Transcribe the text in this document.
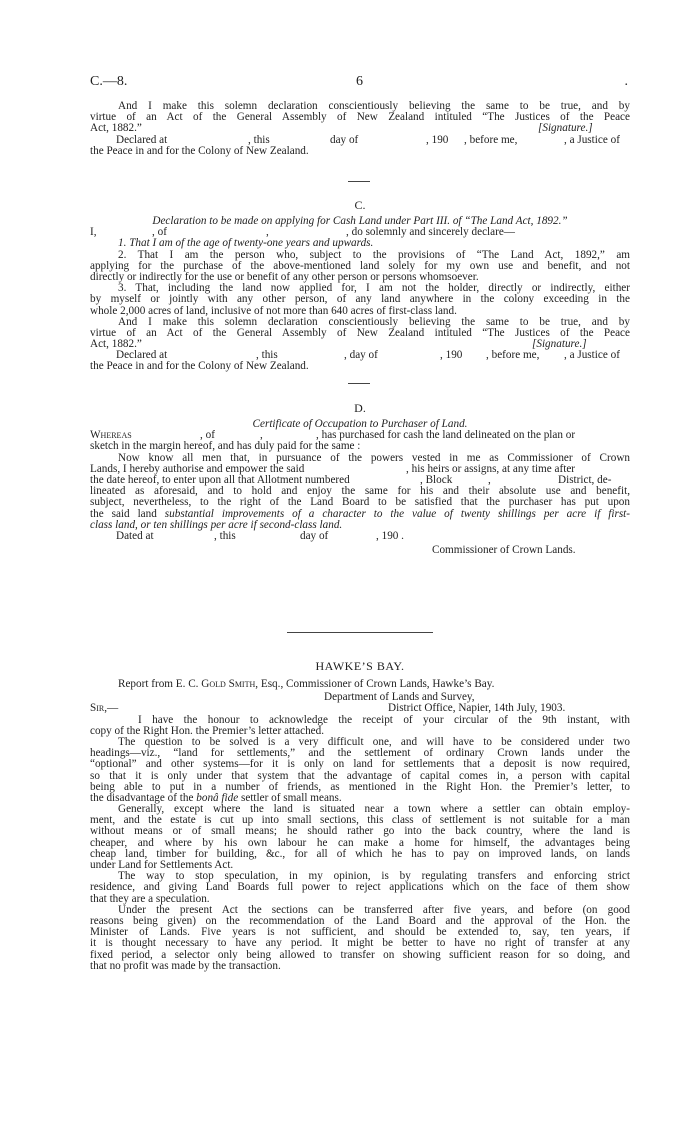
C.—8.	6	.
And I make this solemn declaration conscientiously believing the same to be true, and by
virtue of an Act of the General Assembly of New Zealand intituled “The Justices of the Peace
Act, 1882.”	[Signature.]
Declared at	, this	day of	, 190 , before me,	, a Justice of
the Peace in and for the Colony of New Zealand.
C.
Declaration to be made on applying for Cash Land under Part III. of “The Land Act, 1892.”
I,	, of	,	, do solemnly and sincerely declare—
1. That I am of the age of twenty-one years and upwards.
2. That I am the person who, subject to the provisions of “The Land Act, 1892,” am
applying for the purchase of the above-mentioned land solely for my own use and benefit, and not
directly or indirectly for the use or benefit of any other person or persons whomsoever.
3. That, including the land now applied for, I am not the holder, directly or indirectly, either
by myself or jointly with any other person, of any land anywhere in the colony exceeding in the
whole 2,000 acres of land, inclusive of not more than 640 acres of first-class land.
And I make this solemn declaration conscientiously believing the same to be true, and by
virtue of an Act of the General Assembly of New Zealand intituled “The Justices of the Peace
Act, 1882.”	[Signature.]
Declared at	, this	, day of	, 190 , before me, , a Justice of
the Peace in and for the Colony of New Zealand.
D.
Certificate of Occupation to Purchaser of Land.
Whereas	, of	,	, has purchased for cash the land delineated on the plan or
sketch in the margin hereof, and has duly paid for the same :
Now know all men that, in pursuance of the powers vested in me as Commissioner of Crown
Lands, I hereby authorise and empower the said	, his heirs or assigns, at any time after
the date hereof, to enter upon all that Allotment numbered	, Block	,	District, de-
lineated as aforesaid, and to hold and enjoy the same for his and their absolute use and benefit,
subject, nevertheless, to the right of the Land Board to be satisfied that the purchaser has put upon
the said land substantial improvements of a character to the value of twenty shillings per acre if first-
class land, or ten shillings per acre if second-class land.
Dated at	, this	day of	, 190 .
Commissioner of Crown Lands.
HAWKE’S BAY.
Report from E. C. Gold Smith, Esq., Commissioner of Crown Lands, Hawke’s Bay.
Department of Lands and Survey,
Sir,—	District Office, Napier, 14th July, 1903.
I have the honour to acknowledge the receipt of your circular of the 9th instant, with
copy of the Right Hon. the Premier’s letter attached.
The question to be solved is a very difficult one, and will have to be considered under two
headings—viz., “land for settlements,” and the settlement of ordinary Crown lands under the
“optional” and other systems—for it is only on land for settlements that a deposit is now required,
so that it is only under that system that the advantage of capital comes in, a person with capital
being able to put in a number of friends, as mentioned in the Right Hon. the Premier’s letter, to
the disadvantage of the bonâ fide settler of small means.
Generally, except where the land is situated near a town where a settler can obtain employ-
ment, and the estate is cut up into small sections, this class of settlement is not suitable for a man
without means or of small means; he should rather go into the back country, where the land is
cheaper, and where by his own labour he can make a home for himself, the advantages being
cheap land, timber for building, &c., for all of which he has to pay on improved lands, on lands
under Land for Settlements Act.
The way to stop speculation, in my opinion, is by regulating transfers and enforcing strict
residence, and giving Land Boards full power to reject applications which on the face of them show
that they are a speculation.
Under the present Act the sections can be transferred after five years, and before (on good
reasons being given) on the recommendation of the Land Board and the approval of the Hon. the
Minister of Lands. Five years is not sufficient, and should be extended to, say, ten years, if
it is thought necessary to have any period. It might be better to have no right of transfer at any
fixed period, a selector only being allowed to transfer on showing sufficient reason for so doing, and
that no profit was made by the transaction.
